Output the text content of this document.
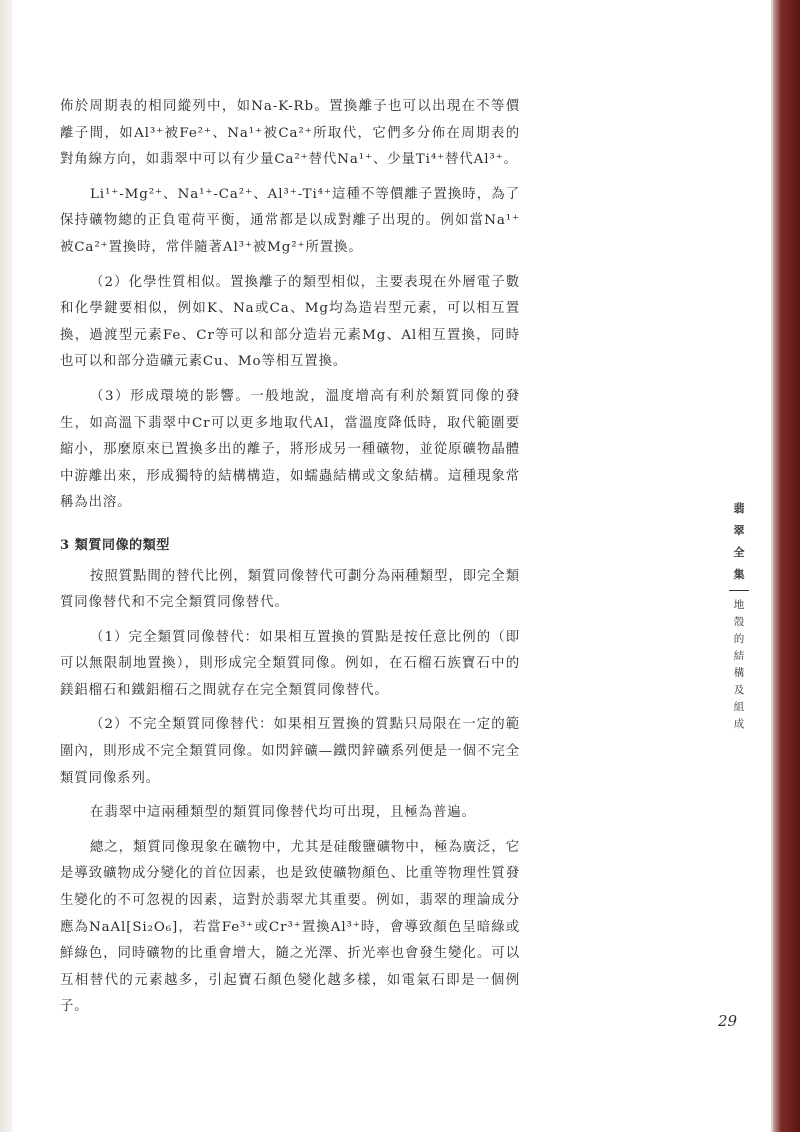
佈於周期表的相同縱列中，如Na-K-Rb。置換離子也可以出現在不等價離子間，如Al³⁺被Fe²⁺、Na¹⁺被Ca²⁺所取代，它們多分佈在周期表的對角線方向，如翡翠中可以有少量Ca²⁺替代Na¹⁺、少量Ti⁴⁺替代Al³⁺。

Li¹⁺-Mg²⁺、Na¹⁺-Ca²⁺、Al³⁺-Ti⁴⁺這種不等價離子置換時，為了保持礦物總的正負電荷平衡，通常都是以成對離子出現的。例如當Na¹⁺被Ca²⁺置換時，常伴隨著Al³⁺被Mg²⁺所置換。

（2）化學性質相似。置換離子的類型相似，主要表現在外層電子數和化學鍵要相似，例如K、Na或Ca、Mg均為造岩型元素，可以相互置換，過渡型元素Fe、Cr等可以和部分造岩元素Mg、Al相互置換，同時也可以和部分造礦元素Cu、Mo等相互置換。

（3）形成環境的影響。一般地說，溫度增高有利於類質同像的發生，如高溫下翡翠中Cr可以更多地取代Al，當溫度降低時，取代範圍要縮小，那麼原來已置換多出的離子，將形成另一種礦物，並從原礦物晶體中游離出來，形成獨特的結構構造，如蠕蟲結構或文象結構。這種現象常稱為出溶。

3 類質同像的類型

按照質點間的替代比例，類質同像替代可劃分為兩種類型，即完全類質同像替代和不完全類質同像替代。

（1）完全類質同像替代：如果相互置換的質點是按任意比例的（即可以無限制地置換），則形成完全類質同像。例如，在石榴石族寶石中的鎂鋁榴石和鐵鋁榴石之間就存在完全類質同像替代。

（2）不完全類質同像替代：如果相互置換的質點只局限在一定的範圍內，則形成不完全類質同像。如閃鋅礦—鐵閃鋅礦系列便是一個不完全類質同像系列。

在翡翠中這兩種類型的類質同像替代均可出現，且極為普遍。

總之，類質同像現象在礦物中，尤其是硅酸鹽礦物中，極為廣泛，它是導致礦物成分變化的首位因素，也是致使礦物顏色、比重等物理性質發生變化的不可忽視的因素，這對於翡翠尤其重要。例如，翡翠的理論成分應為NaAl[Si₂O₆]，若當Fe³⁺或Cr³⁺置換Al³⁺時，會導致顏色呈暗綠或鮮綠色，同時礦物的比重會增大，隨之光澤、折光率也會發生變化。可以互相替代的元素越多，引起寶石顏色變化越多樣，如電氣石即是一個例子。

翡翠全集
地殼的結構及組成
29
